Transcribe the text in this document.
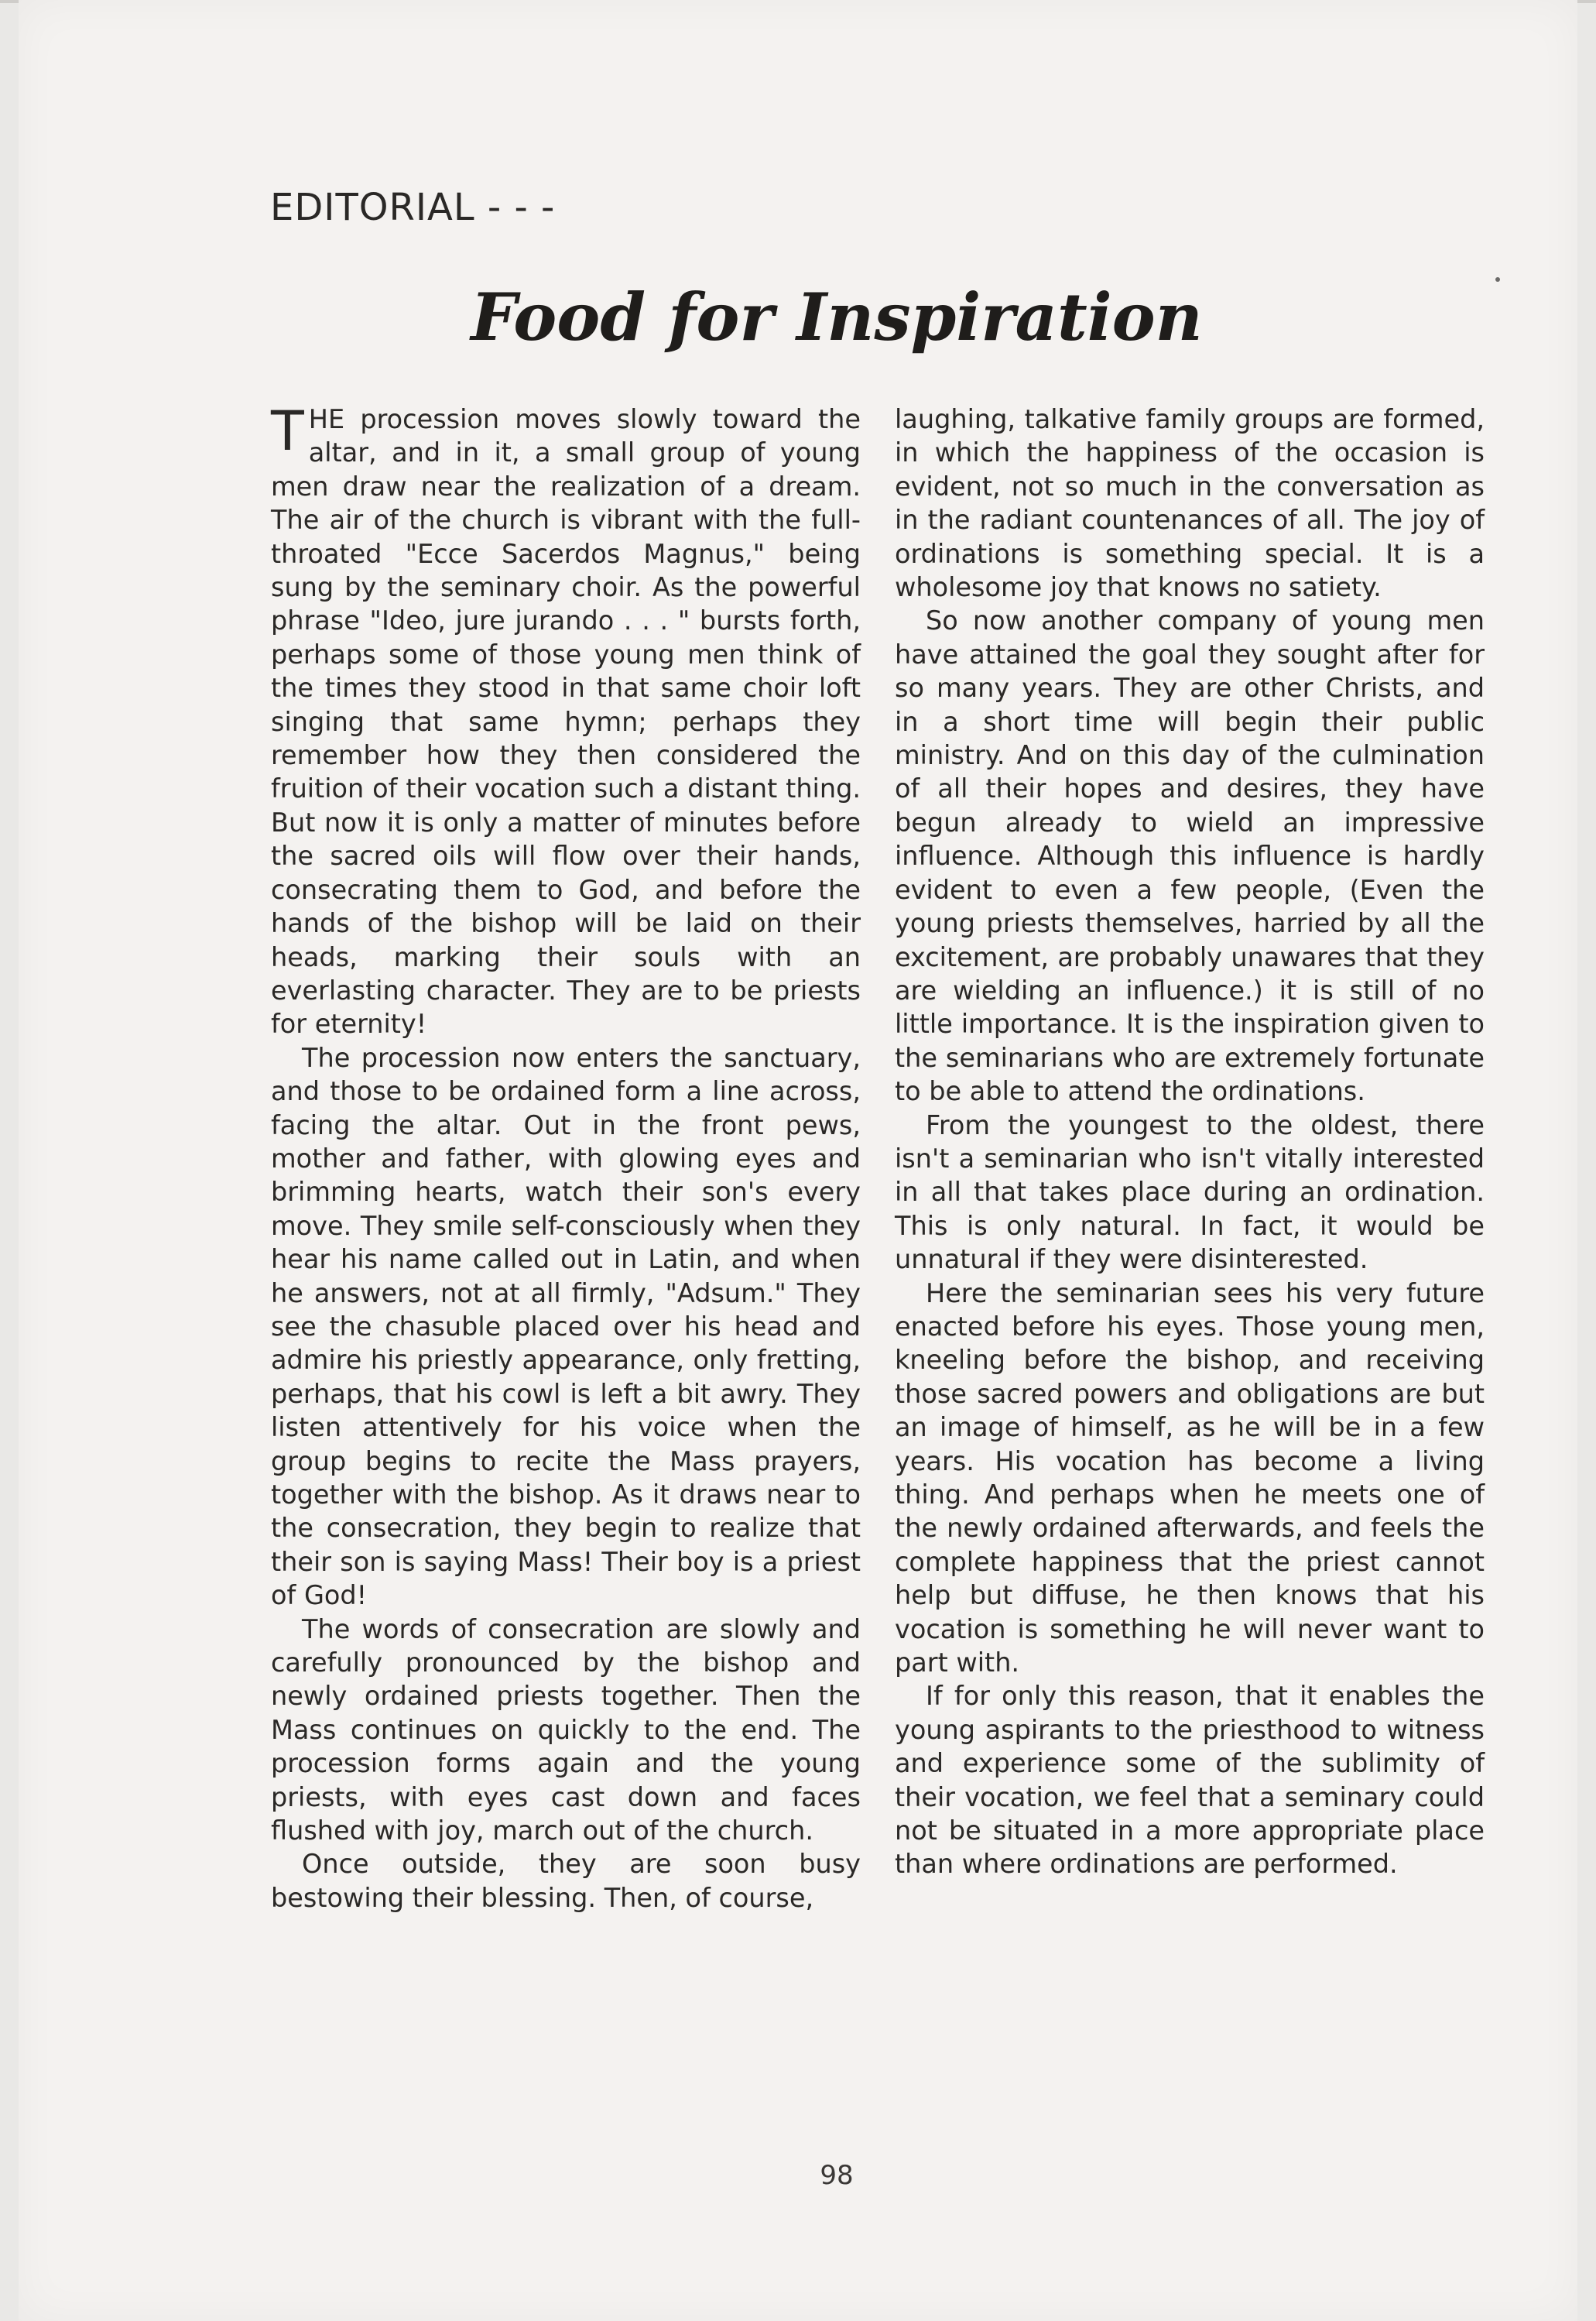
EDITORIAL - - -
Food for Inspiration

THE procession moves slowly toward the altar, and in it, a small group of young men draw near the realization of a dream. The air of the church is vibrant with the full-throated "Ecce Sacerdos Magnus," being sung by the seminary choir. As the powerful phrase "Ideo, jure jurando . . . " bursts forth, perhaps some of those young men think of the times they stood in that same choir loft singing that same hymn; perhaps they remember how they then considered the fruition of their vocation such a distant thing. But now it is only a matter of minutes before the sacred oils will flow over their hands, consecrating them to God, and before the hands of the bishop will be laid on their heads, marking their souls with an everlasting character. They are to be priests for eternity!

The procession now enters the sanctuary, and those to be ordained form a line across, facing the altar. Out in the front pews, mother and father, with glowing eyes and brimming hearts, watch their son's every move. They smile self-consciously when they hear his name called out in Latin, and when he answers, not at all firmly, "Adsum." They see the chasuble placed over his head and admire his priestly appearance, only fretting, perhaps, that his cowl is left a bit awry. They listen attentively for his voice when the group begins to recite the Mass prayers, together with the bishop. As it draws near to the consecration, they begin to realize that their son is saying Mass! Their boy is a priest of God!

The words of consecration are slowly and carefully pronounced by the bishop and newly ordained priests together. Then the Mass continues on quickly to the end. The procession forms again and the young priests, with eyes cast down and faces flushed with joy, march out of the church.

Once outside, they are soon busy bestowing their blessing. Then, of course,

laughing, talkative family groups are formed, in which the happiness of the occasion is evident, not so much in the conversation as in the radiant countenances of all. The joy of ordinations is something special. It is a wholesome joy that knows no satiety.

So now another company of young men have attained the goal they sought after for so many years. They are other Christs, and in a short time will begin their public ministry. And on this day of the culmination of all their hopes and desires, they have begun already to wield an impressive influence. Although this influence is hardly evident to even a few people, (Even the young priests themselves, harried by all the excitement, are probably unawares that they are wielding an influence.) it is still of no little importance. It is the inspiration given to the seminarians who are extremely fortunate to be able to attend the ordinations.

From the youngest to the oldest, there isn't a seminarian who isn't vitally interested in all that takes place during an ordination. This is only natural. In fact, it would be unnatural if they were disinterested.

Here the seminarian sees his very future enacted before his eyes. Those young men, kneeling before the bishop, and receiving those sacred powers and obligations are but an image of himself, as he will be in a few years. His vocation has become a living thing. And perhaps when he meets one of the newly ordained afterwards, and feels the complete happiness that the priest cannot help but diffuse, he then knows that his vocation is something he will never want to part with.

If for only this reason, that it enables the young aspirants to the priesthood to witness and experience some of the sublimity of their vocation, we feel that a seminary could not be situated in a more appropriate place than where ordinations are performed.

98
